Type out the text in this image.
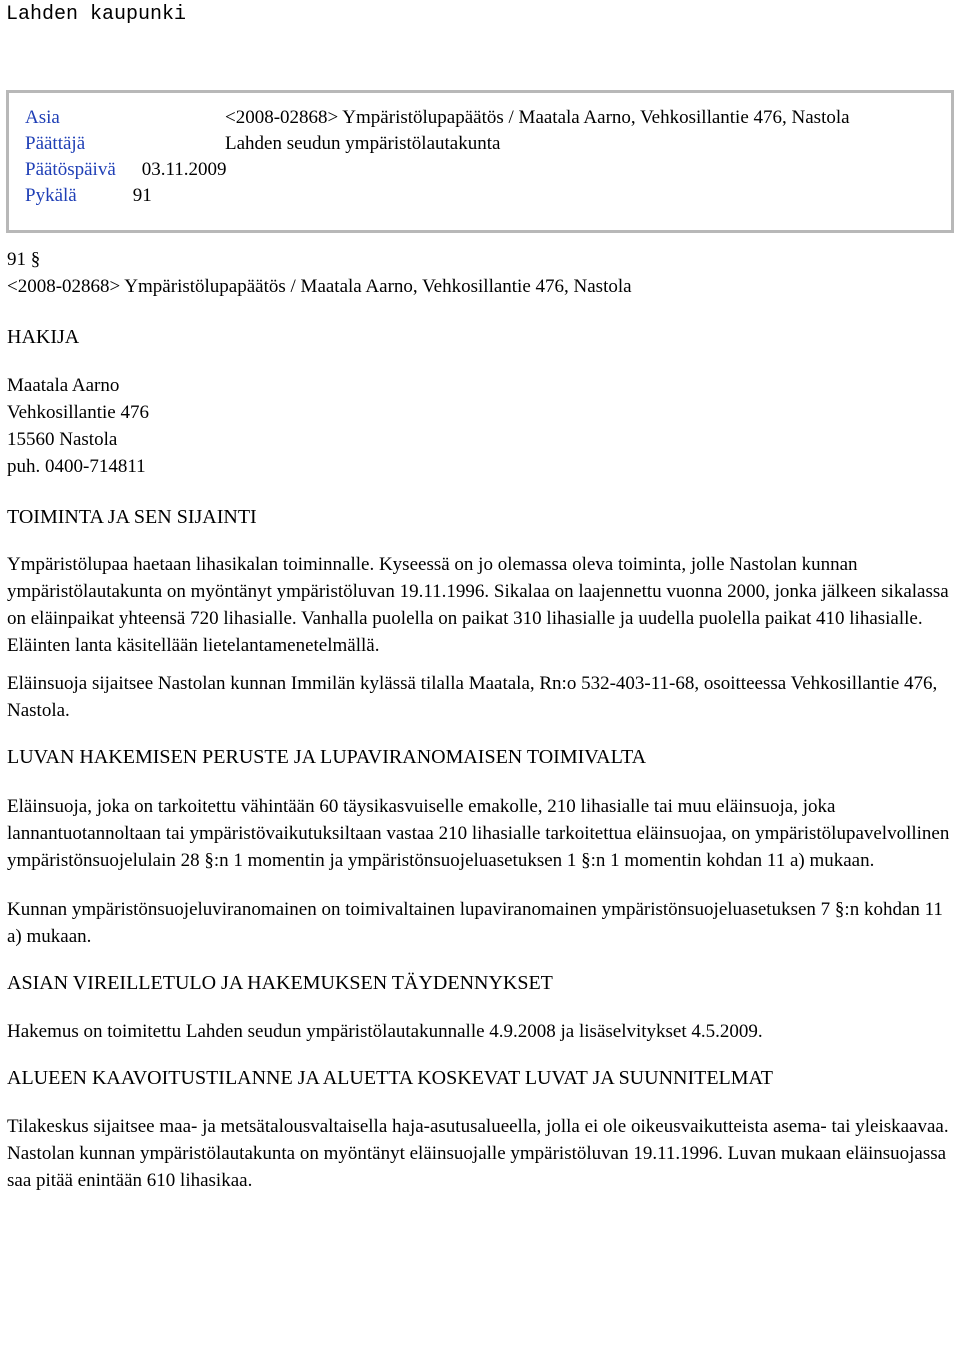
Lahden kaupunki
Asia	<2008-02868> Ympäristölupapäätös / Maatala Aarno, Vehkosillantie 476, Nastola
Päättäjä	Lahden seudun ympäristölautakunta
Päätöspäivä	03.11.2009
Pykälä	91

91 §

<2008-02868> Ympäristölupapäätös / Maatala Aarno, Vehkosillantie 476, Nastola

HAKIJA
Maatala Aarno
Vehkosillantie 476
15560 Nastola
puh. 0400-714811
TOIMINTA JA SEN SIJAINTI

Ympäristölupaa haetaan lihasikalan toiminnalle. Kyseessä on jo olemassa oleva toiminta, jolle Nastolan kunnan ympäristölautakunta on myöntänyt ympäristöluvan 19.11.1996. Sikalaa on laajennettu vuonna 2000, jonka jälkeen sikalassa on eläinpaikat yhteensä 720 lihasialle. Vanhalla puolella on paikat 310 lihasialle ja uudella puolella paikat 410 lihasialle. Eläinten lanta käsitellään lietelantamenetelmällä.

Eläinsuoja sijaitsee Nastolan kunnan Immilän kylässä tilalla Maatala, Rn:o 532-403-11-68, osoitteessa Vehkosillantie 476, Nastola.

LUVAN HAKEMISEN PERUSTE JA LUPAVIRANOMAISEN TOIMIVALTA

Eläinsuoja, joka on tarkoitettu vähintään 60 täysikasvuiselle emakolle, 210 lihasialle tai muu eläinsuoja, joka lannantuotannoltaan tai ympäristövaikutuksiltaan vastaa 210 lihasialle tarkoitettua eläinsuojaa, on ympäristölupavelvollinen ympäristönsuojelulain 28 §:n 1 momentin ja ympäristönsuojeluasetuksen 1 §:n 1 momentin kohdan 11 a) mukaan.

Kunnan ympäristönsuojeluviranomainen on toimivaltainen lupaviranomainen ympäristönsuojeluasetuksen 7 §:n kohdan 11 a) mukaan.

ASIAN VIREILLETULO JA HAKEMUKSEN TÄYDENNYKSET

Hakemus on toimitettu Lahden seudun ympäristölautakunnalle 4.9.2008 ja lisäselvitykset 4.5.2009.

ALUEEN KAAVOITUSTILANNE JA ALUETTA KOSKEVAT LUVAT JA SUUNNITELMAT

Tilakeskus sijaitsee maa- ja metsätalousvaltaisella haja-asutusalueella, jolla ei ole oikeusvaikutteista asema- tai yleiskaavaa. Nastolan kunnan ympäristölautakunta on myöntänyt eläinsuojalle ympäristöluvan 19.11.1996. Luvan mukaan eläinsuojassa saa pitää enintään 610 lihasikaa.
